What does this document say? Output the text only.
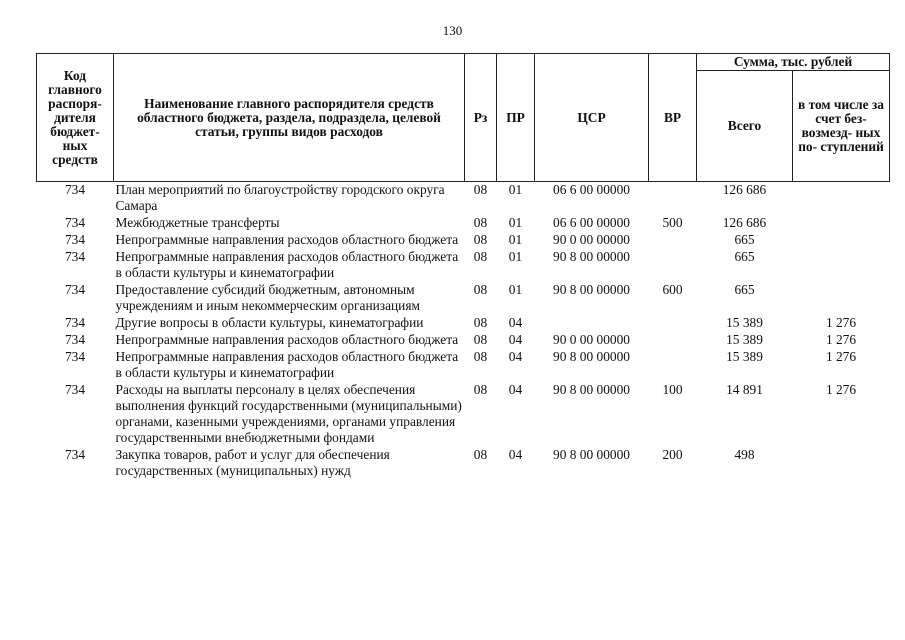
130
Код главного распоря- дителя бюджет- ных средств	Наименование главного распорядителя средств областного бюджета, раздела, подраздела, целевой статьи, группы видов расходов	Рз	ПР	ЦСР	ВР	Сумма, тыс. рублей	
						Всего	в том числе за счет без- возмезд- ных по- ступлений
734	План мероприятий по благоустройству городского округа Самара	08	01	06 6 00 00000		126 686	
734	Межбюджетные трансферты	08	01	06 6 00 00000	500	126 686	
734	Непрограммные направления расходов областного бюджета	08	01	90 0 00 00000		665	
734	Непрограммные направления расходов областного бюджета в области культуры и кинематографии	08	01	90 8 00 00000		665	
734	Предоставление субсидий бюджетным, автономным учреждениям и иным некоммерческим организациям	08	01	90 8 00 00000	600	665	
734	Другие вопросы в области культуры, кинематографии	08	04			15 389	1 276
734	Непрограммные направления расходов областного бюджета	08	04	90 0 00 00000		15 389	1 276
734	Непрограммные направления расходов областного бюджета в области культуры и кинематографии	08	04	90 8 00 00000		15 389	1 276
734	Расходы на выплаты персоналу в целях обеспечения выполнения функций государственными (муниципальными) органами, казенными учреждениями, органами управления государственными внебюджетными фондами	08	04	90 8 00 00000	100	14 891	1 276
734	Закупка товаров, работ и услуг для обеспечения государственных (муниципальных) нужд	08	04	90 8 00 00000	200	498	
